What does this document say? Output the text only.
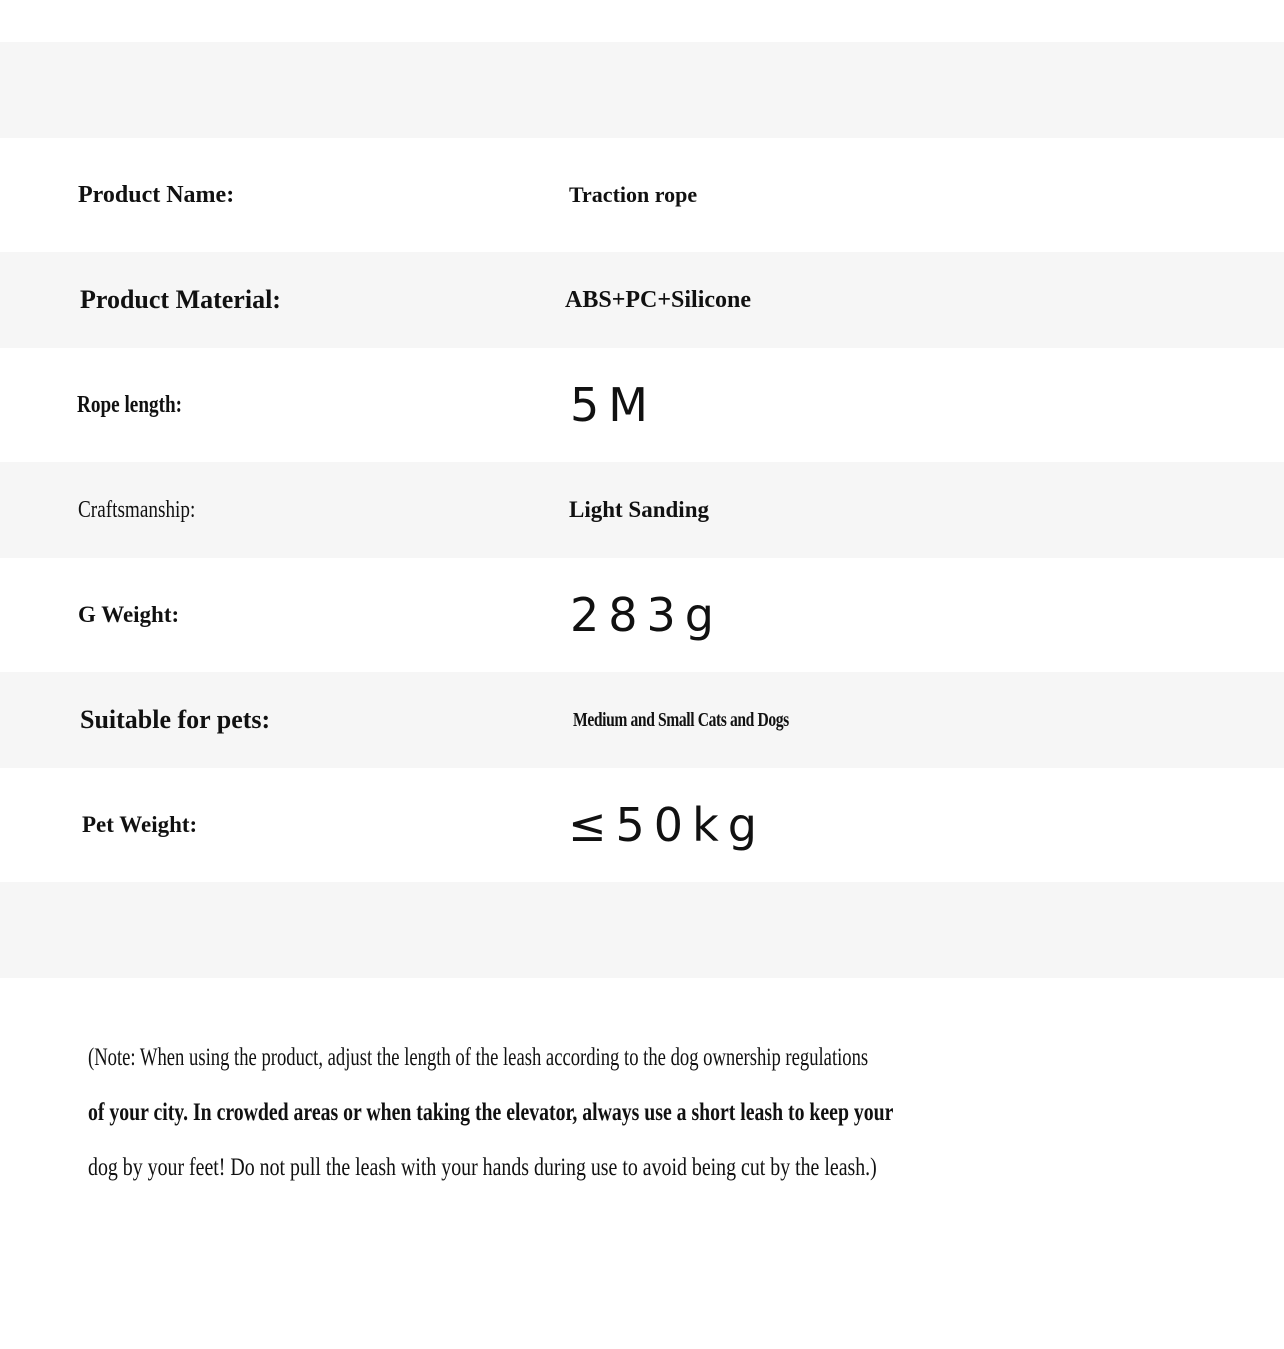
Product Name:	Traction rope
Product Material:	ABS+PC+Silicone
Rope length:	5M
Craftsmanship:	Light Sanding
G Weight:	283g
Suitable for pets:	Medium and Small Cats and Dogs
Pet Weight:	≤50kg
(Note: When using the product, adjust the length of the leash according to the dog ownership regulations
of your city. In crowded areas or when taking the elevator, always use a short leash to keep your
dog by your feet! Do not pull the leash with your hands during use to avoid being cut by the leash.)
